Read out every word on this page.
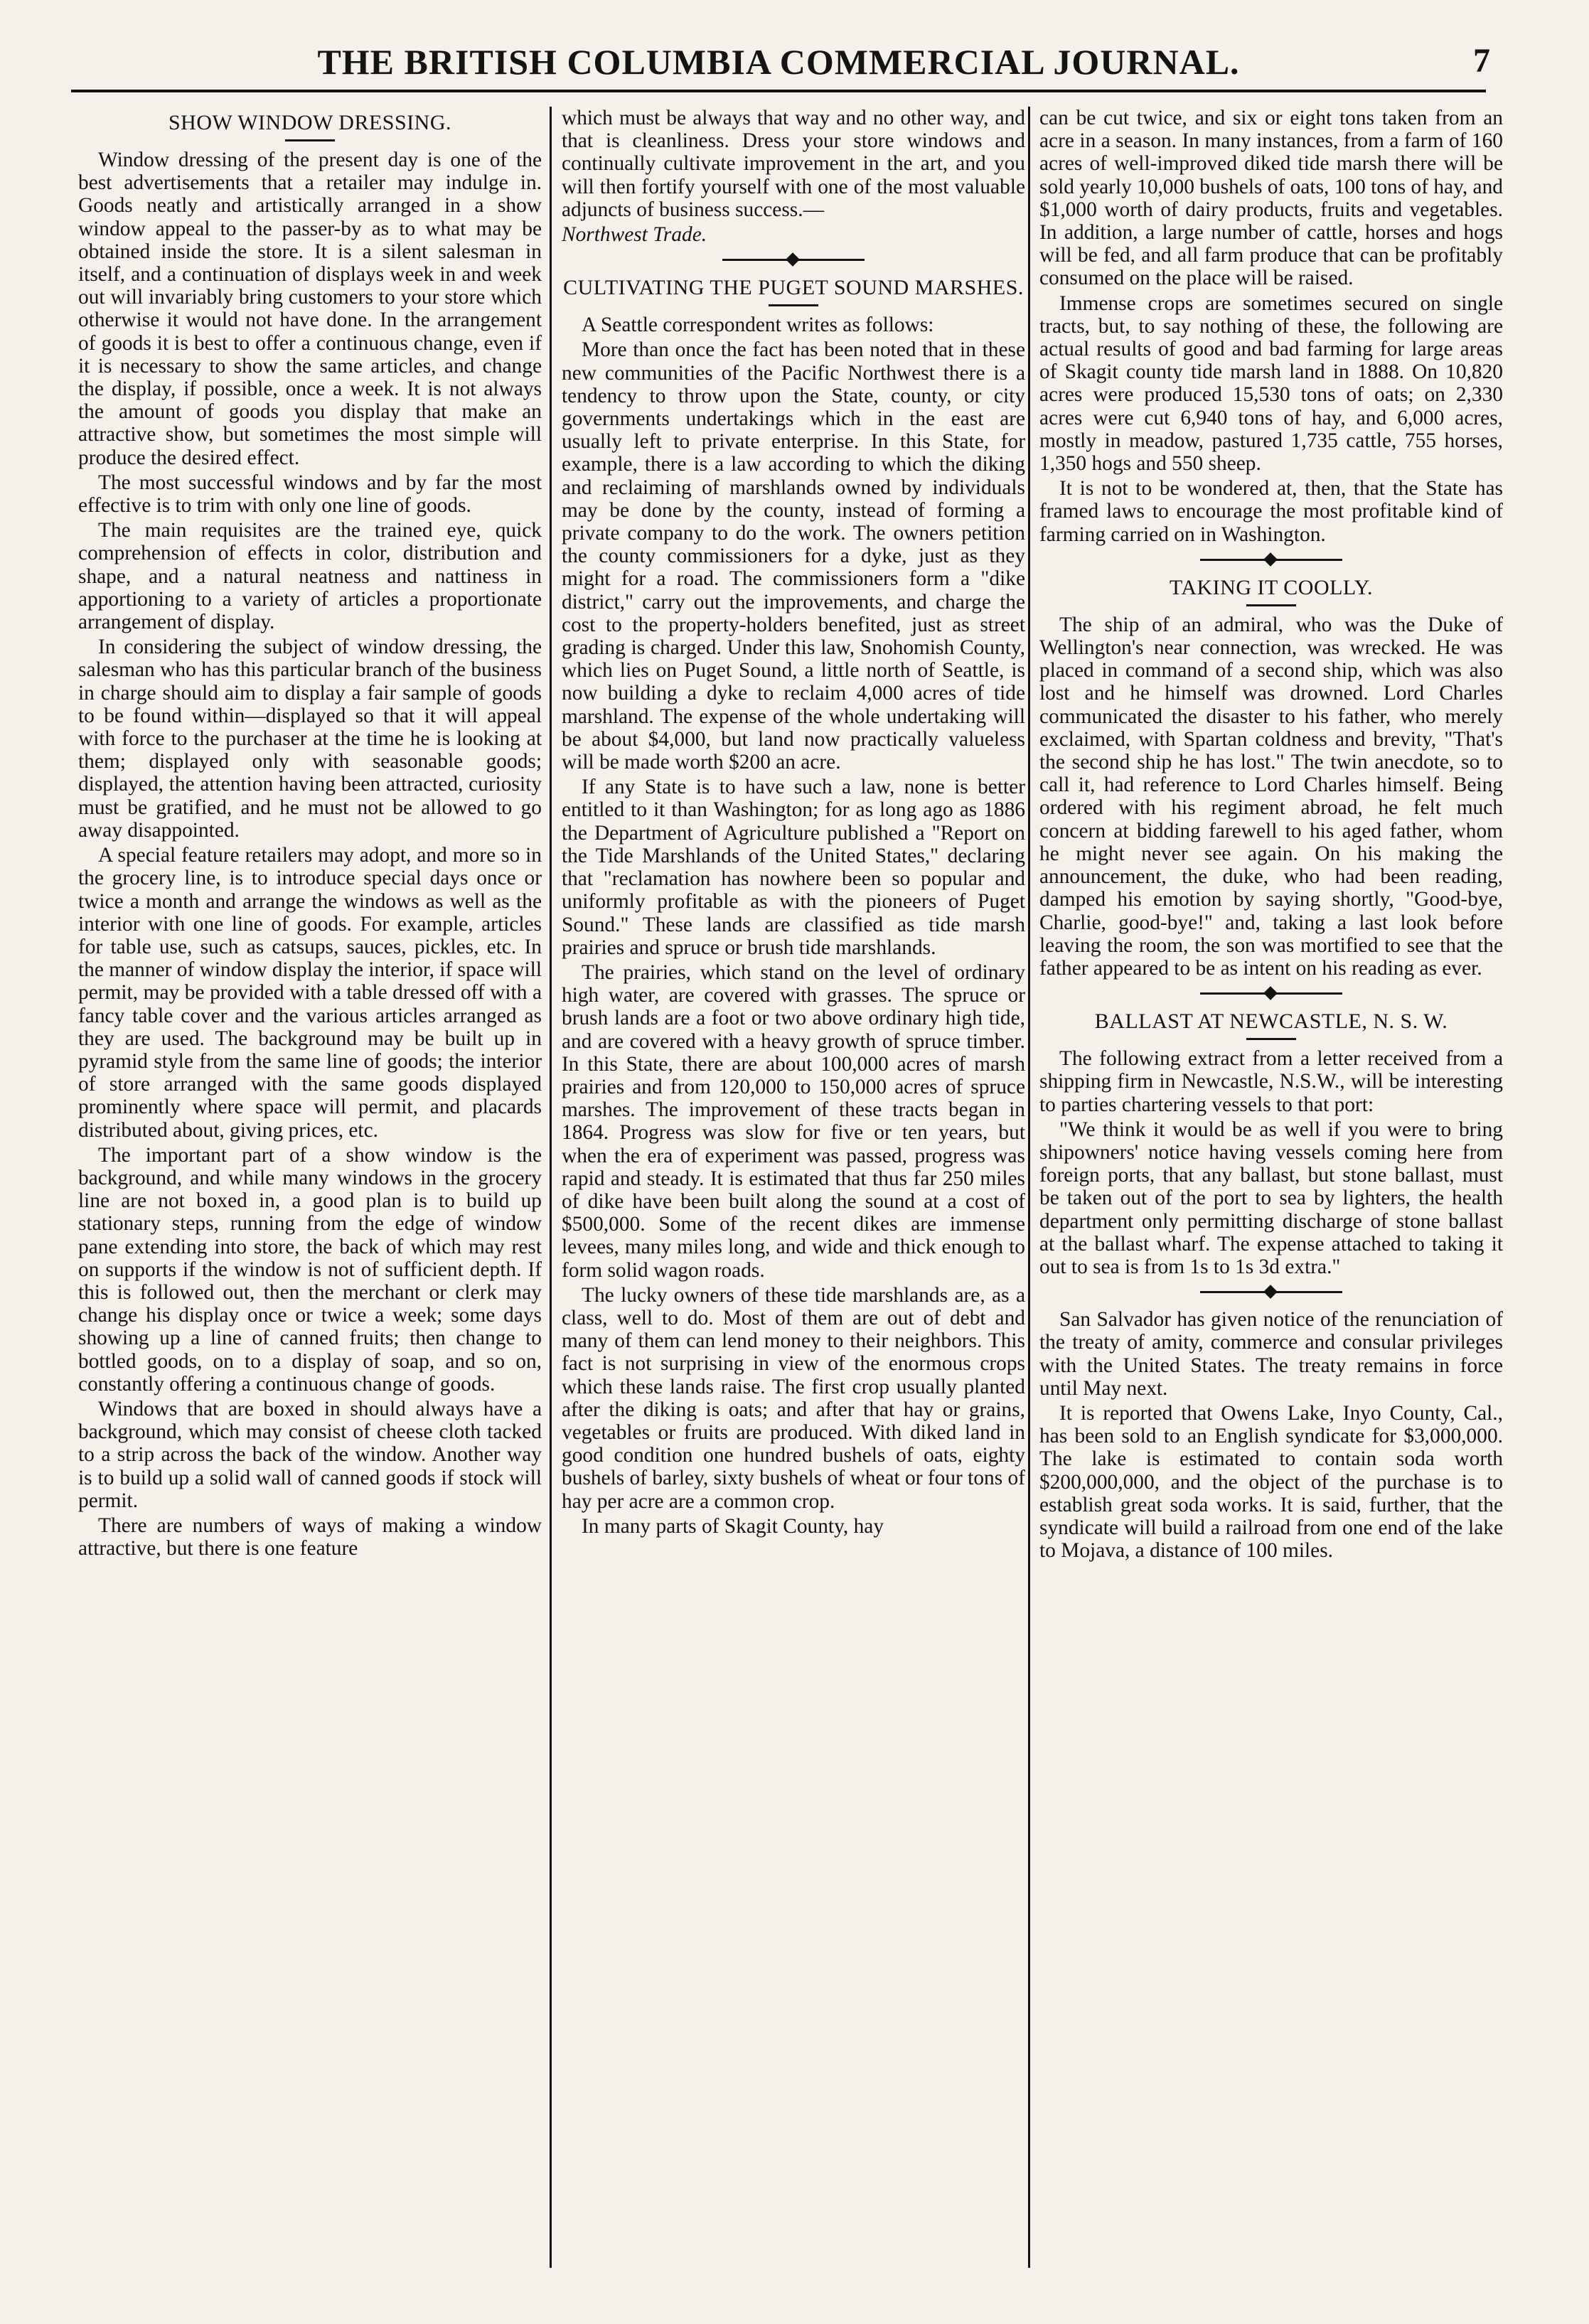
THE BRITISH COLUMBIA COMMERCIAL JOURNAL.	7
SHOW WINDOW DRESSING.

Window dressing of the present day is one of the best advertisements that a retailer may indulge in. Goods neatly and artistically arranged in a show window appeal to the passer-by as to what may be obtained inside the store. It is a silent salesman in itself, and a continuation of displays week in and week out will invariably bring customers to your store which otherwise it would not have done. In the arrangement of goods it is best to offer a continuous change, even if it is necessary to show the same articles, and change the display, if possible, once a week. It is not always the amount of goods you display that make an attractive show, but sometimes the most simple will produce the desired effect.

The most successful windows and by far the most effective is to trim with only one line of goods.

The main requisites are the trained eye, quick comprehension of effects in color, distribution and shape, and a natural neatness and nattiness in apportioning to a variety of articles a proportionate arrangement of display.

In considering the subject of window dressing, the salesman who has this particular branch of the business in charge should aim to display a fair sample of goods to be found within—displayed so that it will appeal with force to the purchaser at the time he is looking at them; displayed only with seasonable goods; displayed, the attention having been attracted, curiosity must be gratified, and he must not be allowed to go away disappointed.

A special feature retailers may adopt, and more so in the grocery line, is to introduce special days once or twice a month and arrange the windows as well as the interior with one line of goods. For example, articles for table use, such as catsups, sauces, pickles, etc. In the manner of window display the interior, if space will permit, may be provided with a table dressed off with a fancy table cover and the various articles arranged as they are used. The background may be built up in pyramid style from the same line of goods; the interior of store arranged with the same goods displayed prominently where space will permit, and placards distributed about, giving prices, etc.

The important part of a show window is the background, and while many windows in the grocery line are not boxed in, a good plan is to build up stationary steps, running from the edge of window pane extending into store, the back of which may rest on supports if the window is not of sufficient depth. If this is followed out, then the merchant or clerk may change his display once or twice a week; some days showing up a line of canned fruits; then change to bottled goods, on to a display of soap, and so on, constantly offering a continuous change of goods.

Windows that are boxed in should always have a background, which may consist of cheese cloth tacked to a strip across the back of the window. Another way is to build up a solid wall of canned goods if stock will permit.

There are numbers of ways of making a window attractive, but there is one feature

which must be always that way and no other way, and that is cleanliness. Dress your store windows and continually cultivate improvement in the art, and you will then fortify yourself with one of the most valuable adjuncts of business success.—

Northwest Trade.

CULTIVATING THE PUGET SOUND MARSHES.

A Seattle correspondent writes as follows:

More than once the fact has been noted that in these new communities of the Pacific Northwest there is a tendency to throw upon the State, county, or city governments undertakings which in the east are usually left to private enterprise. In this State, for example, there is a law according to which the diking and reclaiming of marshlands owned by individuals may be done by the county, instead of forming a private company to do the work. The owners petition the county commissioners for a dyke, just as they might for a road. The commissioners form a "dike district," carry out the improvements, and charge the cost to the property-holders benefited, just as street grading is charged. Under this law, Snohomish County, which lies on Puget Sound, a little north of Seattle, is now building a dyke to reclaim 4,000 acres of tide marshland. The expense of the whole undertaking will be about $4,000, but land now practically valueless will be made worth $200 an acre.

If any State is to have such a law, none is better entitled to it than Washington; for as long ago as 1886 the Department of Agriculture published a "Report on the Tide Marshlands of the United States," declaring that "reclamation has nowhere been so popular and uniformly profitable as with the pioneers of Puget Sound." These lands are classified as tide marsh prairies and spruce or brush tide marshlands.

The prairies, which stand on the level of ordinary high water, are covered with grasses. The spruce or brush lands are a foot or two above ordinary high tide, and are covered with a heavy growth of spruce timber. In this State, there are about 100,000 acres of marsh prairies and from 120,000 to 150,000 acres of spruce marshes. The improvement of these tracts began in 1864. Progress was slow for five or ten years, but when the era of experiment was passed, progress was rapid and steady. It is estimated that thus far 250 miles of dike have been built along the sound at a cost of $500,000. Some of the recent dikes are immense levees, many miles long, and wide and thick enough to form solid wagon roads.

The lucky owners of these tide marshlands are, as a class, well to do. Most of them are out of debt and many of them can lend money to their neighbors. This fact is not surprising in view of the enormous crops which these lands raise. The first crop usually planted after the diking is oats; and after that hay or grains, vegetables or fruits are produced. With diked land in good condition one hundred bushels of oats, eighty bushels of barley, sixty bushels of wheat or four tons of hay per acre are a common crop.

In many parts of Skagit County, hay

can be cut twice, and six or eight tons taken from an acre in a season. In many instances, from a farm of 160 acres of well-improved diked tide marsh there will be sold yearly 10,000 bushels of oats, 100 tons of hay, and $1,000 worth of dairy products, fruits and vegetables. In addition, a large number of cattle, horses and hogs will be fed, and all farm produce that can be profitably consumed on the place will be raised.

Immense crops are sometimes secured on single tracts, but, to say nothing of these, the following are actual results of good and bad farming for large areas of Skagit county tide marsh land in 1888. On 10,820 acres were produced 15,530 tons of oats; on 2,330 acres were cut 6,940 tons of hay, and 6,000 acres, mostly in meadow, pastured 1,735 cattle, 755 horses, 1,350 hogs and 550 sheep.

It is not to be wondered at, then, that the State has framed laws to encourage the most profitable kind of farming carried on in Washington.

TAKING IT COOLLY.

The ship of an admiral, who was the Duke of Wellington's near connection, was wrecked. He was placed in command of a second ship, which was also lost and he himself was drowned. Lord Charles communicated the disaster to his father, who merely exclaimed, with Spartan coldness and brevity, "That's the second ship he has lost." The twin anecdote, so to call it, had reference to Lord Charles himself. Being ordered with his regiment abroad, he felt much concern at bidding farewell to his aged father, whom he might never see again. On his making the announcement, the duke, who had been reading, damped his emotion by saying shortly, "Good-bye, Charlie, good-bye!" and, taking a last look before leaving the room, the son was mortified to see that the father appeared to be as intent on his reading as ever.

BALLAST AT NEWCASTLE, N. S. W.

The following extract from a letter received from a shipping firm in Newcastle, N.S.W., will be interesting to parties chartering vessels to that port:

"We think it would be as well if you were to bring shipowners' notice having vessels coming here from foreign ports, that any ballast, but stone ballast, must be taken out of the port to sea by lighters, the health department only permitting discharge of stone ballast at the ballast wharf. The expense attached to taking it out to sea is from 1s to 1s 3d extra."

San Salvador has given notice of the renunciation of the treaty of amity, commerce and consular privileges with the United States. The treaty remains in force until May next.

It is reported that Owens Lake, Inyo County, Cal., has been sold to an English syndicate for $3,000,000. The lake is estimated to contain soda worth $200,000,000, and the object of the purchase is to establish great soda works. It is said, further, that the syndicate will build a railroad from one end of the lake to Mojava, a distance of 100 miles.
